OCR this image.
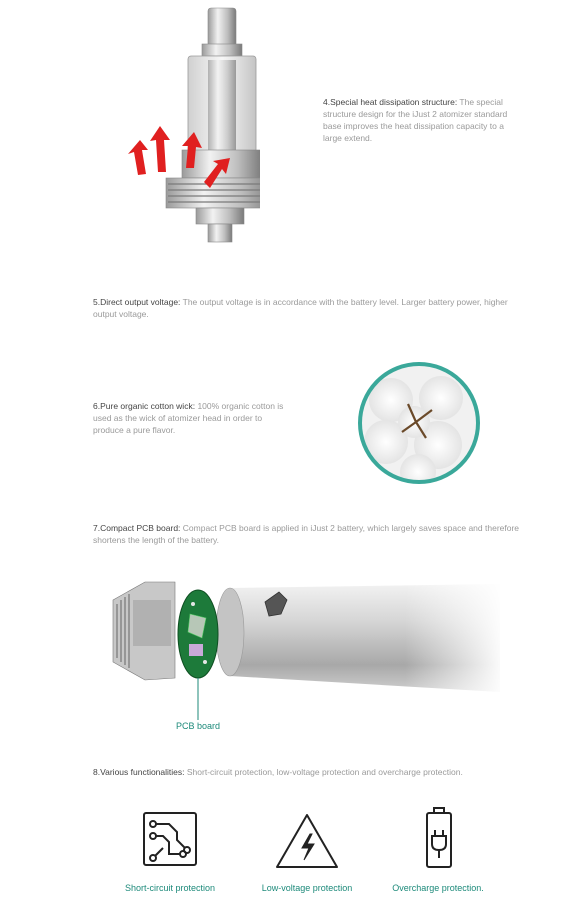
4.Special heat dissipation structure: The special structure design for the iJust 2 atomizer standard base improves the heat dissipation capacity to a large extend.
5.Direct output voltage: The output voltage is in accordance with the battery level. Larger battery power, higher output voltage.
6.Pure organic cotton wick: 100% organic cotton is used as the wick of atomizer head in order to produce a pure flavor.
7.Compact PCB board: Compact PCB board is applied in iJust 2 battery, which largely saves space and therefore shortens the length of the battery.
PCB board
8.Various functionalities: Short-circuit protection, low-voltage protection and overcharge protection.
Short-circuit protection	Low-voltage protection	Overcharge protection.
